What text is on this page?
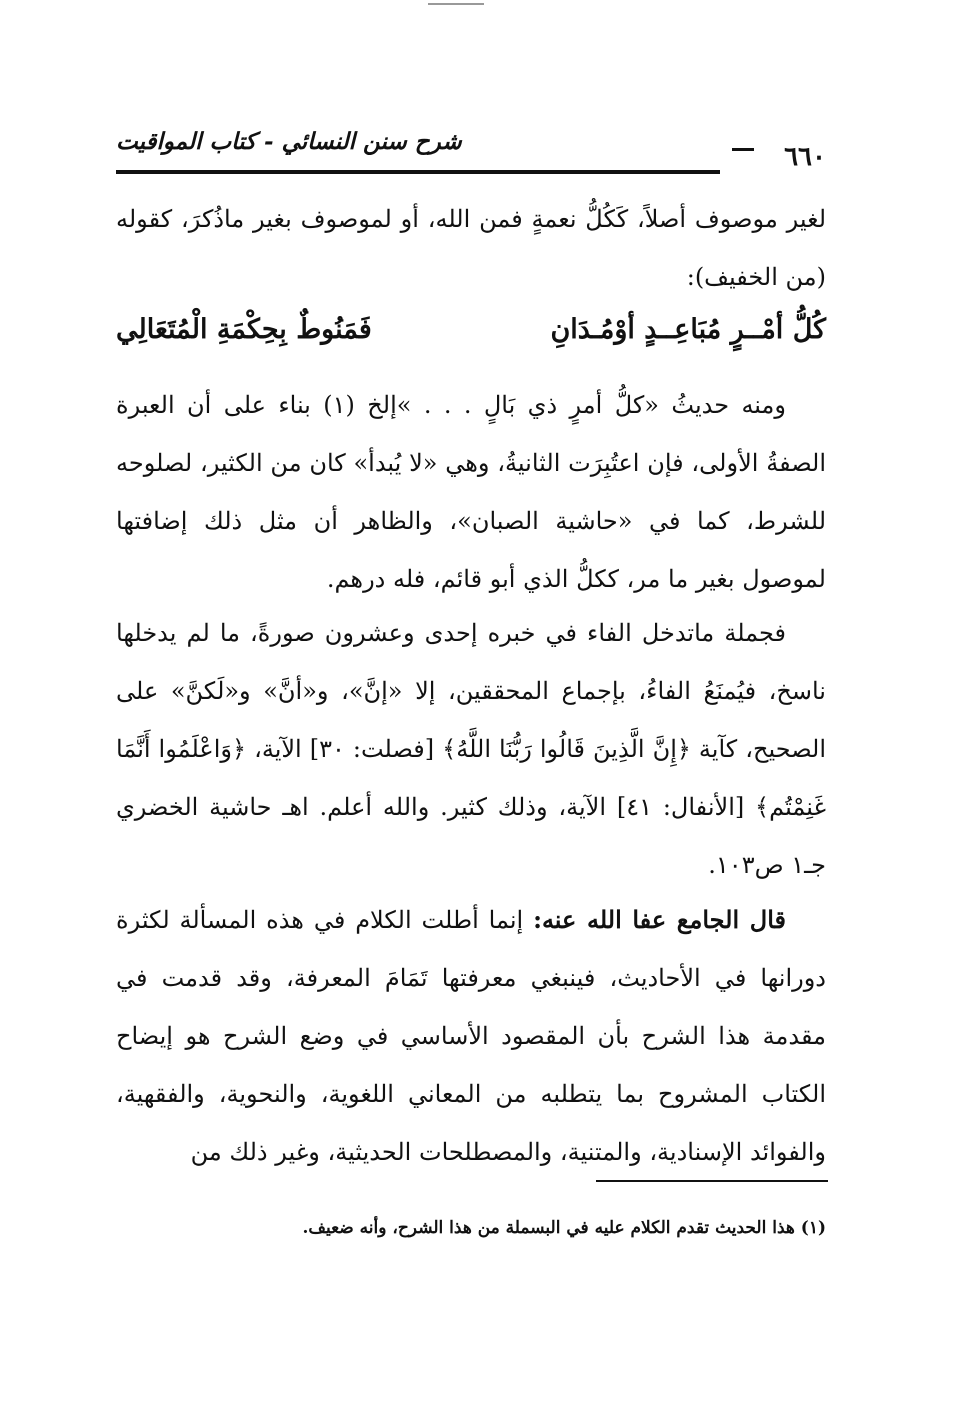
٦٦٠
شرح سنن النسائي - كتاب المواقيت

لغير موصوف أصلاً، كَكُلُّ نعمةٍ فمن الله، أو لموصوف بغير ماذُكرَ، كقوله (من الخفيف):

كُلُّ أمْــرٍ مُبَاعِــدٍ أوْمُـدَانِ
فَمَنُوطٌ بِحِكْمَةِ الْمُتَعَالِي

ومنه حديثُ «كلُّ أمرٍ ذي بَالٍ . . . »إلخ (١) بناء على أن العبرة الصفةُ الأولى، فإن اعتُبِرَت الثانيةُ، وهي «لا يُبدأ» كان من الكثير، لصلوحه للشرط، كما في «حاشية الصبان»، والظاهر أن مثل ذلك إضافتها لموصول بغير ما مر، ككلُّ الذي أبو قائم، فله درهم.

فجملة ماتدخل الفاء في خبره إحدى وعشرون صورةً، ما لم يدخلها ناسخ، فيُمنَعُ الفاءُ، بإجماع المحققين، إلا «إنَّ»، و«أنَّ» و«لَكنَّ» على الصحيح، كآية ﴿إِنَّ الَّذِينَ قَالُوا رَبُّنَا اللَّهُ﴾ [فصلت: ٣٠] الآية، ﴿وَاعْلَمُوا أَنَّمَا غَنِمْتُم﴾ [الأنفال: ٤١] الآية، وذلك كثير. والله أعلم. اهـ حاشية الخضري جـ١ ص١٠٣.

قال الجامع عفا الله عنه: إنما أطلت الكلام في هذه المسألة لكثرة دورانها في الأحاديث، فينبغي معرفتها تَمَامَ المعرفة، وقد قدمت في مقدمة هذا الشرح بأن المقصود الأساسي في وضع الشرح هو إيضاح الكتاب المشروح بما يتطلبه من المعاني اللغوية، والنحوية، والفقهية، والفوائد الإسنادية، والمتنية، والمصطلحات الحديثية، وغير ذلك من

(١) هذا الحديث تقدم الكلام عليه في البسملة من هذا الشرح، وأنه ضعيف.
